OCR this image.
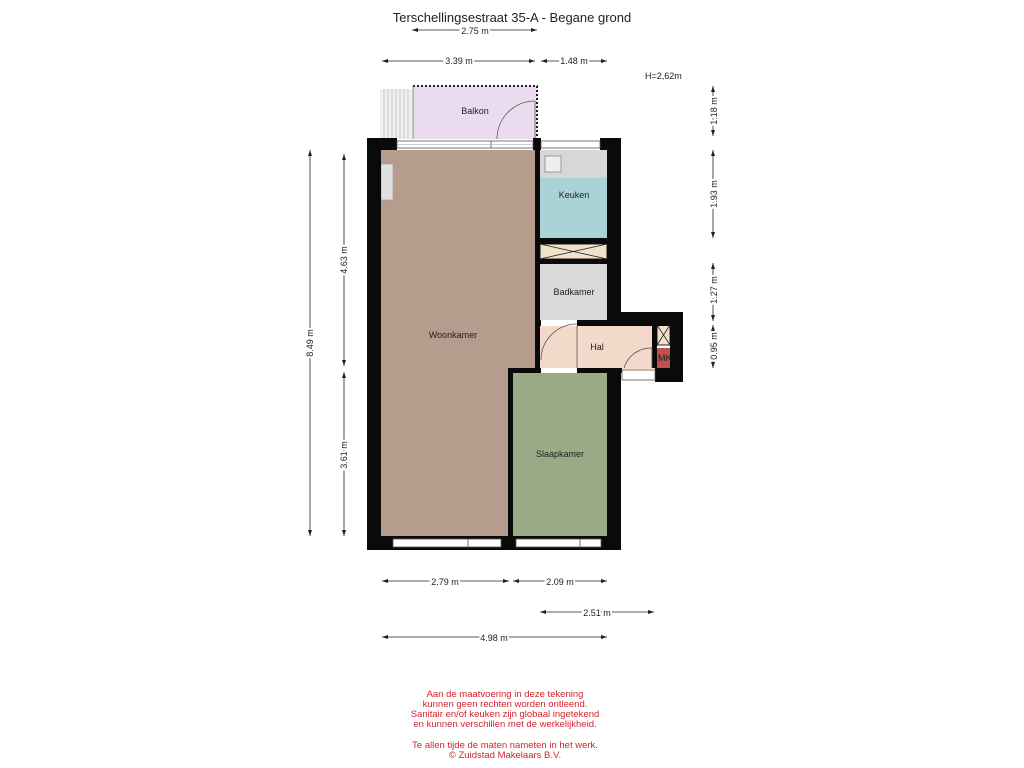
Terschellingsestraat 35-A - Begane grond
2.75 m
3.39 m	1.48 m
H=2,62m
1.18 m
1.93 m
1.27 m
0.95 m
8.49 m
4.63 m
3.61 m
2.79 m	2.09 m
2.51 m
4.98 m
Balkon
Keuken
Badkamer
Woonkamer
Hal
MK
Slaapkamer
Aan de maatvoering in deze tekening
kunnen geen rechten worden ontleend.
Sanitair en/of keuken zijn globaal ingetekend
en kunnen verschillen met de werkelijkheid.
Te allen tijde de maten nameten in het werk.
© Zuidstad Makelaars B.V.
